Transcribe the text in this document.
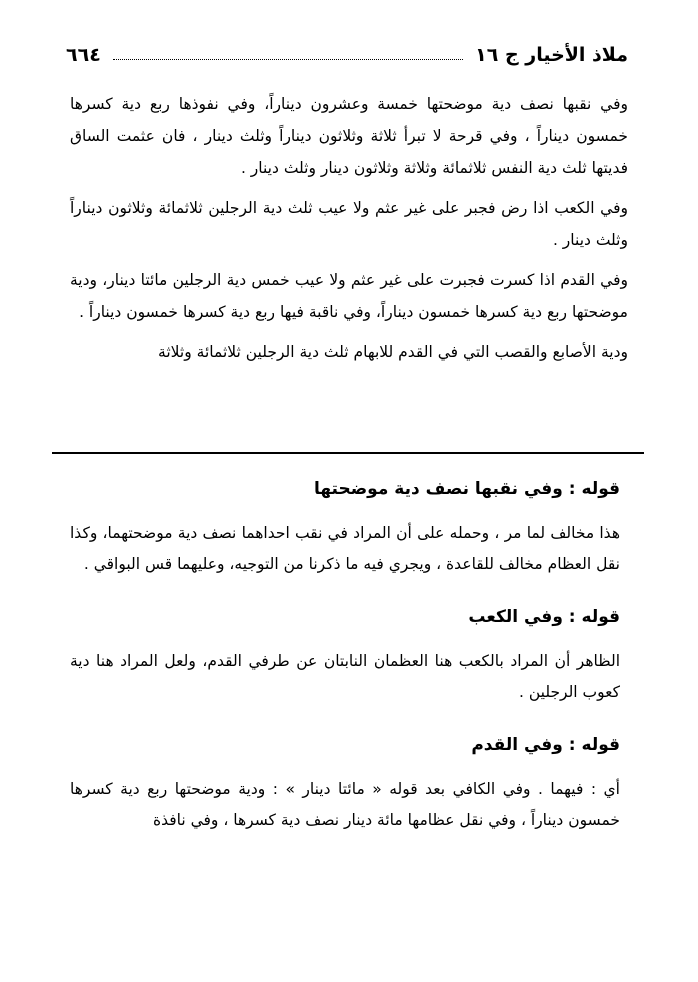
ملاذ الأخيار ج ١٦
٦٦٤

وفي نقبها نصف دية موضحتها خمسة وعشرون ديناراً، وفي نفوذها ربع دية كسرها خمسون ديناراً ، وفي قرحة لا تبرأ ثلاثة وثلاثون ديناراً وثلث دينار ، فان عثمت الساق فديتها ثلث دية النفس ثلاثمائة وثلاثة وثلاثون دينار وثلث دينار .

وفي الكعب اذا رض فجبر على غير عثم ولا عيب ثلث دية الرجلين ثلاثمائة وثلاثون ديناراً وثلث دينار .

وفي القدم اذا كسرت فجبرت على غير عثم ولا عيب خمس دية الرجلين مائتا دينار، ودية موضحتها ربع دية كسرها خمسون ديناراً، وفي ناقبة فيها ربع دية كسرها خمسون ديناراً .

ودية الأصابع والقصب التي في القدم للابهام ثلث دية الرجلين ثلاثمائة وثلاثة

قوله : وفي نقبها نصف دية موضحتها

هذا مخالف لما مر ، وحمله على أن المراد في نقب احداهما نصف دية موضحتهما، وكذا نقل العظام مخالف للقاعدة ، ويجري فيه ما ذكرنا من التوجيه، وعليهما قس البواقي .

قوله : وفي الكعب

الظاهر أن المراد بالكعب هنا العظمان النابتان عن طرفي القدم، ولعل المراد هنا دية كعوب الرجلين .

قوله : وفي القدم

أي : فيهما . وفي الكافي بعد قوله « مائتا دينار » : ودية موضحتها ربع دية كسرها خمسون ديناراً ، وفي نقل عظامها مائة دينار نصف دية كسرها ، وفي نافذة
